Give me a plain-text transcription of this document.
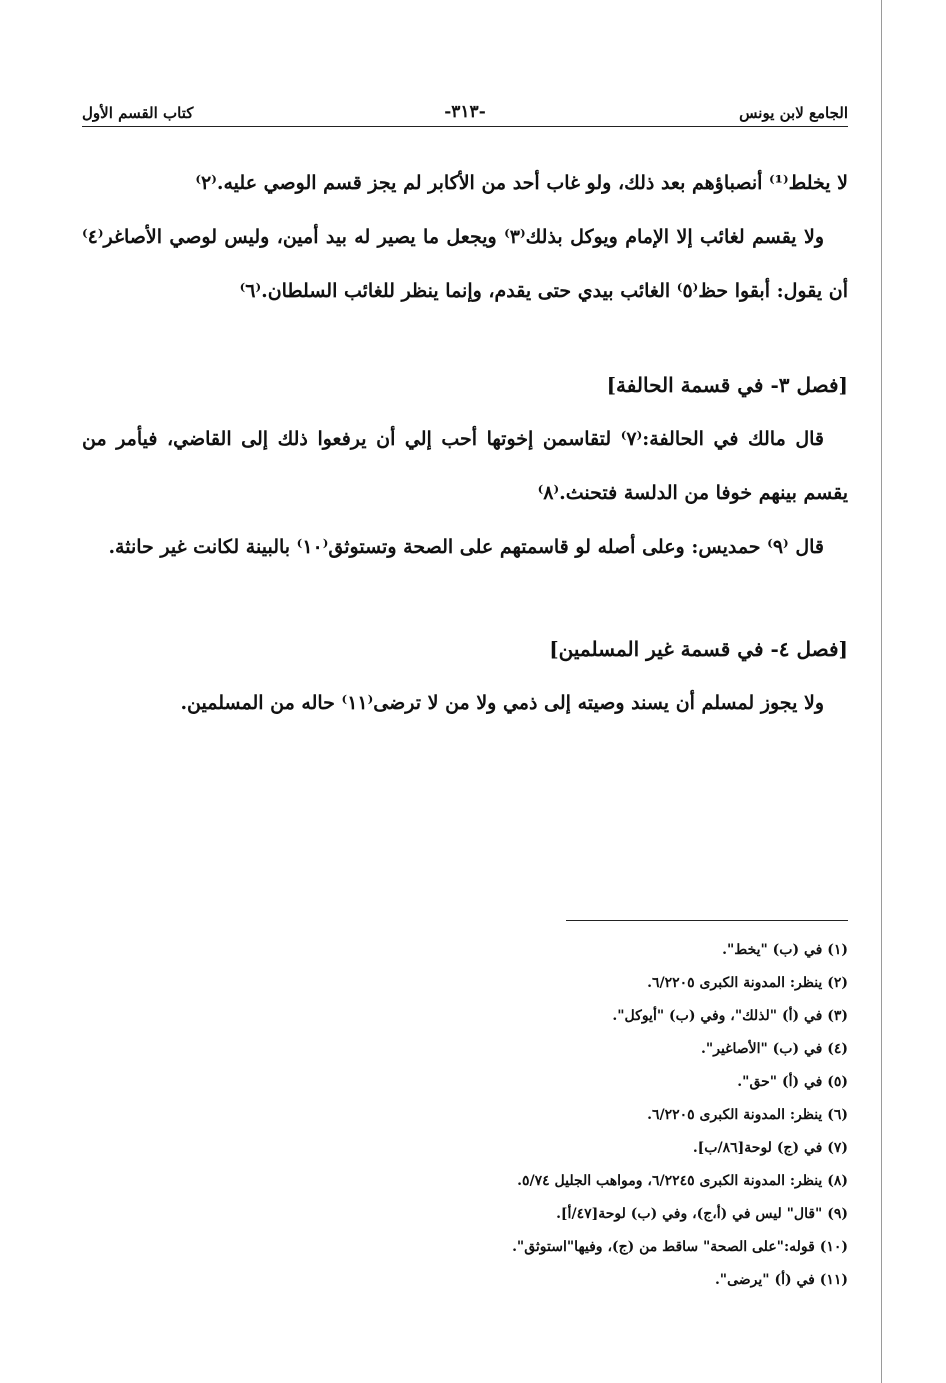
الجامع لابن يونس
-٣١٣-
كتاب القسم الأول

لا يخلط⁽¹⁾ أنصباؤهم بعد ذلك، ولو غاب أحد من الأكابر لم يجز قسم الوصي عليه.⁽٢⁾

ولا يقسم لغائب إلا الإمام ويوكل بذلك⁽٣⁾ ويجعل ما يصير له بيد أمين، وليس لوصي الأصاغر⁽٤⁾ أن يقول: أبقوا حظ⁽٥⁾ الغائب بيدي حتى يقدم، وإنما ينظر للغائب السلطان.⁽٦⁾

[فصل ٣- في قسمة الحالفة]

قال مالك في الحالفة:⁽٧⁾ لتقاسمن إخوتها أحب إلي أن يرفعوا ذلك إلى القاضي، فيأمر من يقسم بينهم خوفا من الدلسة فتحنث.⁽٨⁾

قال ⁽٩⁾ حمديس: وعلى أصله لو قاسمتهم على الصحة وتستوثق⁽١٠⁾ بالبينة لكانت غير حانثة.

[فصل ٤- في قسمة غير المسلمين]

ولا يجوز لمسلم أن يسند وصيته إلى ذمي ولا من لا ترضى⁽١١⁾ حاله من المسلمين.

(١) في (ب) "يخط".
(٢) ينظر: المدونة الكبرى ٦/٢٢٠٥.
(٣) في (أ) "لذلك"، وفي (ب) "أيوكل".
(٤) في (ب) "الأصاغير".
(٥) في (أ) "حق".
(٦) ينظر: المدونة الكبرى ٦/٢٢٠٥.
(٧) في (ج) لوحة[٨٦/ب].
(٨) ينظر: المدونة الكبرى ٦/٢٢٤٥، ومواهب الجليل ٥/٧٤.
(٩) "قال" ليس في (أ،ج)، وفي (ب) لوحة[٤٧/أ].
(١٠) قوله:"على الصحة" ساقط من (ج)، وفيها"استوثق".
(١١) في (أ) "يرضى".
